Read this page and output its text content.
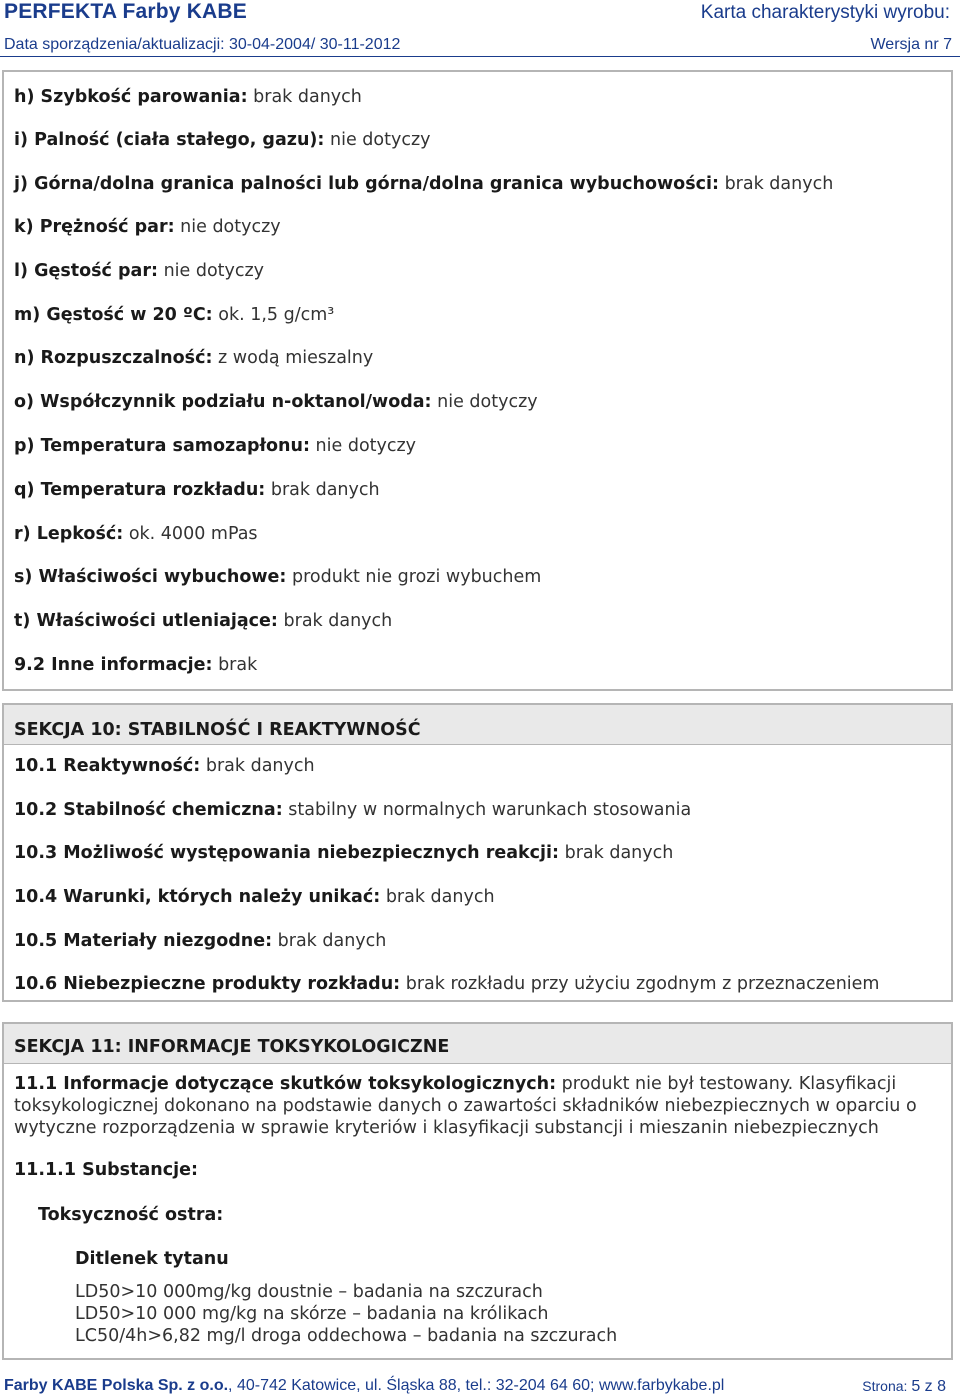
PERFEKTA Farby KABE	Karta charakterystyki wyrobu:
Data sporządzenia/aktualizacji: 30-04-2004/ 30-11-2012	Wersja nr 7
h) Szybkość parowania: brak danych
i) Palność (ciała stałego, gazu): nie dotyczy
j) Górna/dolna granica palności lub górna/dolna granica wybuchowości: brak danych
k) Prężność par: nie dotyczy
l) Gęstość par: nie dotyczy
m) Gęstość w 20 ºC: ok. 1,5 g/cm³
n) Rozpuszczalność: z wodą mieszalny
o) Współczynnik podziału n-oktanol/woda: nie dotyczy
p) Temperatura samozapłonu: nie dotyczy
q) Temperatura rozkładu: brak danych
r) Lepkość: ok. 4000 mPas
s) Właściwości wybuchowe: produkt nie grozi wybuchem
t) Właściwości utleniające: brak danych
9.2 Inne informacje: brak
SEKCJA 10: STABILNOŚĆ I REAKTYWNOŚĆ
10.1 Reaktywność: brak danych
10.2 Stabilność chemiczna: stabilny w normalnych warunkach stosowania
10.3 Możliwość występowania niebezpiecznych reakcji: brak danych
10.4 Warunki, których należy unikać: brak danych
10.5 Materiały niezgodne: brak danych
10.6 Niebezpieczne produkty rozkładu: brak rozkładu przy użyciu zgodnym z przeznaczeniem
SEKCJA 11: INFORMACJE TOKSYKOLOGICZNE
11.1 Informacje dotyczące skutków toksykologicznych: produkt nie był testowany. Klasyfikacji
toksykologicznej dokonano na podstawie danych o zawartości składników niebezpiecznych w oparciu o
wytyczne rozporządzenia w sprawie kryteriów i klasyfikacji substancji i mieszanin niebezpiecznych
11.1.1 Substancje:
Toksyczność ostra:
Ditlenek tytanu
LD50>10 000mg/kg doustnie – badania na szczurach
LD50>10 000 mg/kg na skórze – badania na królikach
LC50/4h>6,82 mg/l droga oddechowa – badania na szczurach
Farby KABE Polska Sp. z o.o., 40-742 Katowice, ul. Śląska 88, tel.: 32-204 64 60; www.farbykabe.pl	Strona: 5 z 8
